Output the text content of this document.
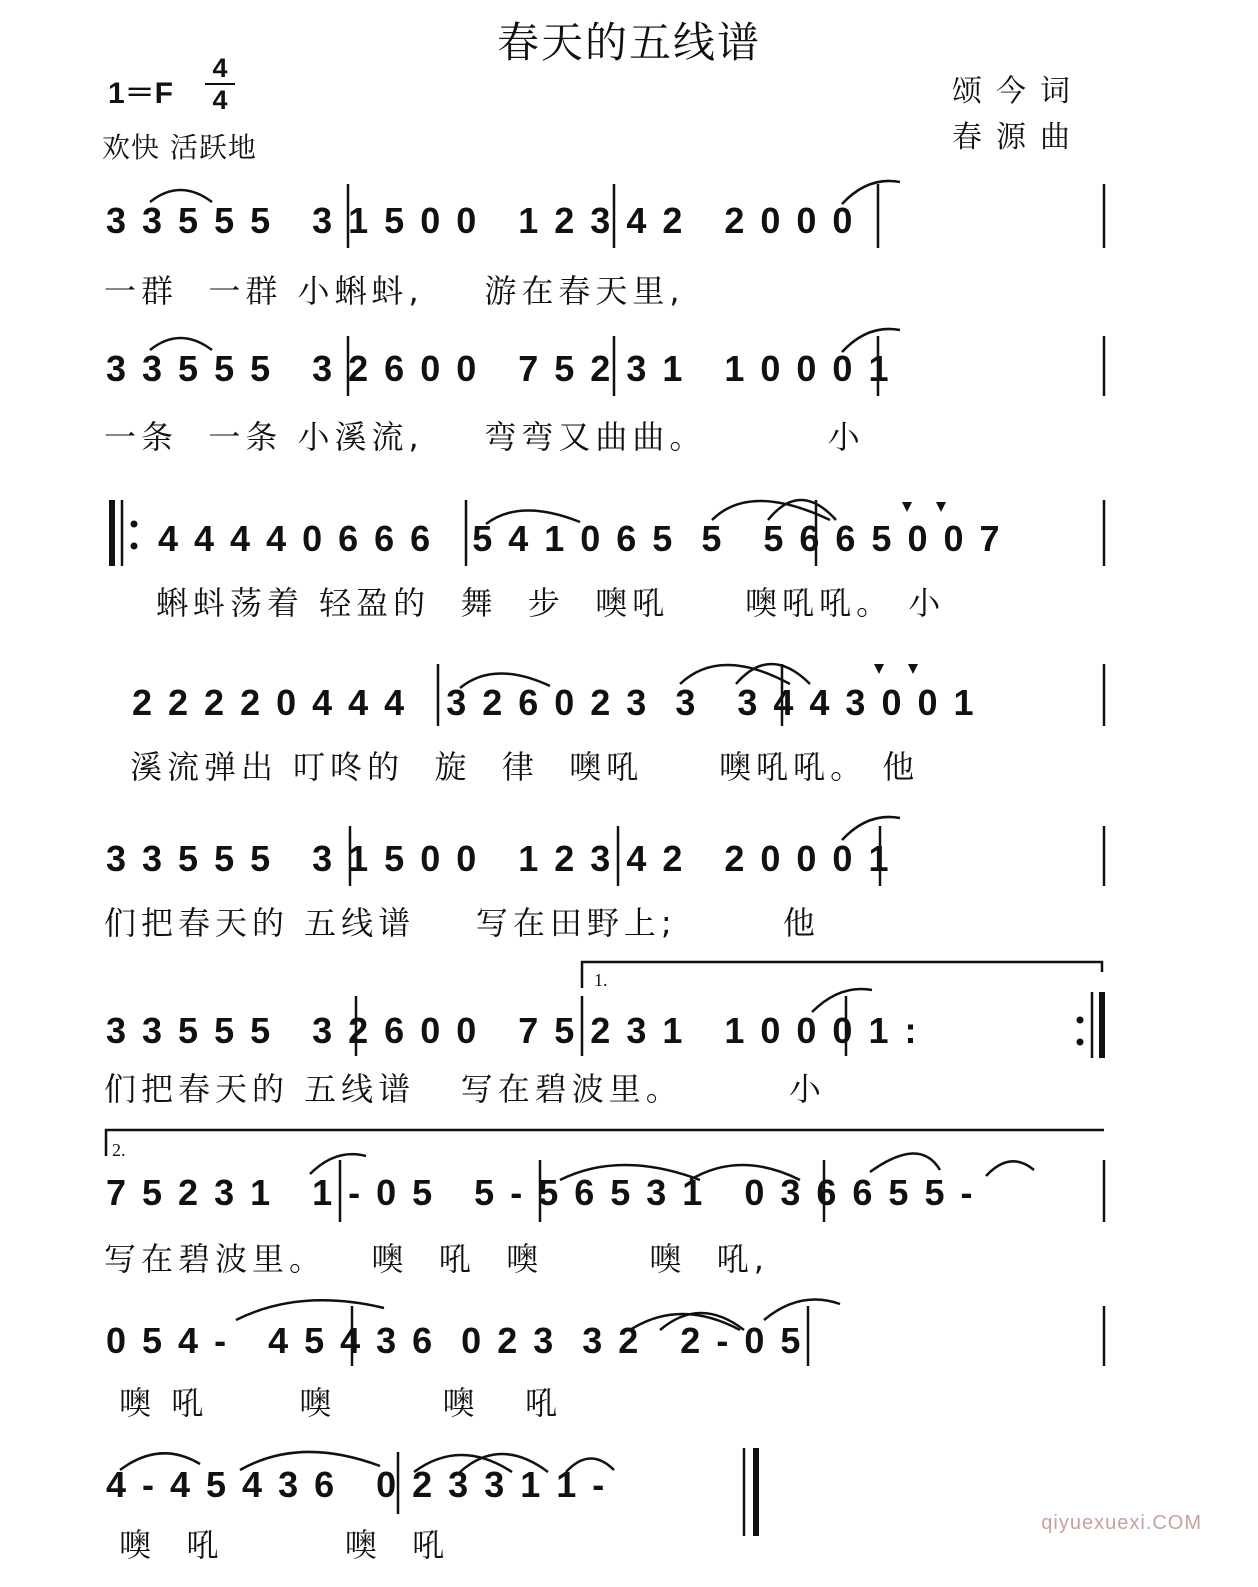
春天的五线谱
1＝F
4
4
欢快 活跃地
颂今词
春源曲
3 3 5 5 5   3 1 5 0 0   1 2 3 4 2   2 0 0 0
一群  一群 小蝌蚪,    游在春天里,
3 3 5 5 5   3 2 6 0 0   7 5 2 3 1   1 0 0 0 1
一条  一条 小溪流,    弯弯又曲曲。        小
4 4 4 4 0 6 6 6   5 4 1 0 6 5  5   5 6 6 5 0 0 7
蝌蚪荡着 轻盈的  舞  步  噢吼     噢吼吼。 小
2 2 2 2 0 4 4 4   3 2 6 0 2 3  3   3 4 4 3 0 0 1
溪流弹出 叮咚的  旋  律  噢吼     噢吼吼。 他
3 3 5 5 5   3 1 5 0 0   1 2 3 4 2   2 0 0 0 1
们把春天的 五线谱    写在田野上;       他
1.
3 3 5 5 5   3 2 6 0 0   7 5 2 3 1   1 0 0 0 1 :
们把春天的 五线谱   写在碧波里。       小
2.
7 5 2 3 1   1 - 0 5   5 - 5 6 5 3 1   0 3 6 6 5 5 -
写在碧波里。   噢  吼  噢       噢  吼,
0 5 4 -   4 5 4 3 6  0 2 3  3 2   2 - 0 5
噢 吼      噢       噢   吼
4 - 4 5 4 3 6   0 2 3 3 1 1 -
噢  吼        噢  吼
qiyuexuexi.COM
